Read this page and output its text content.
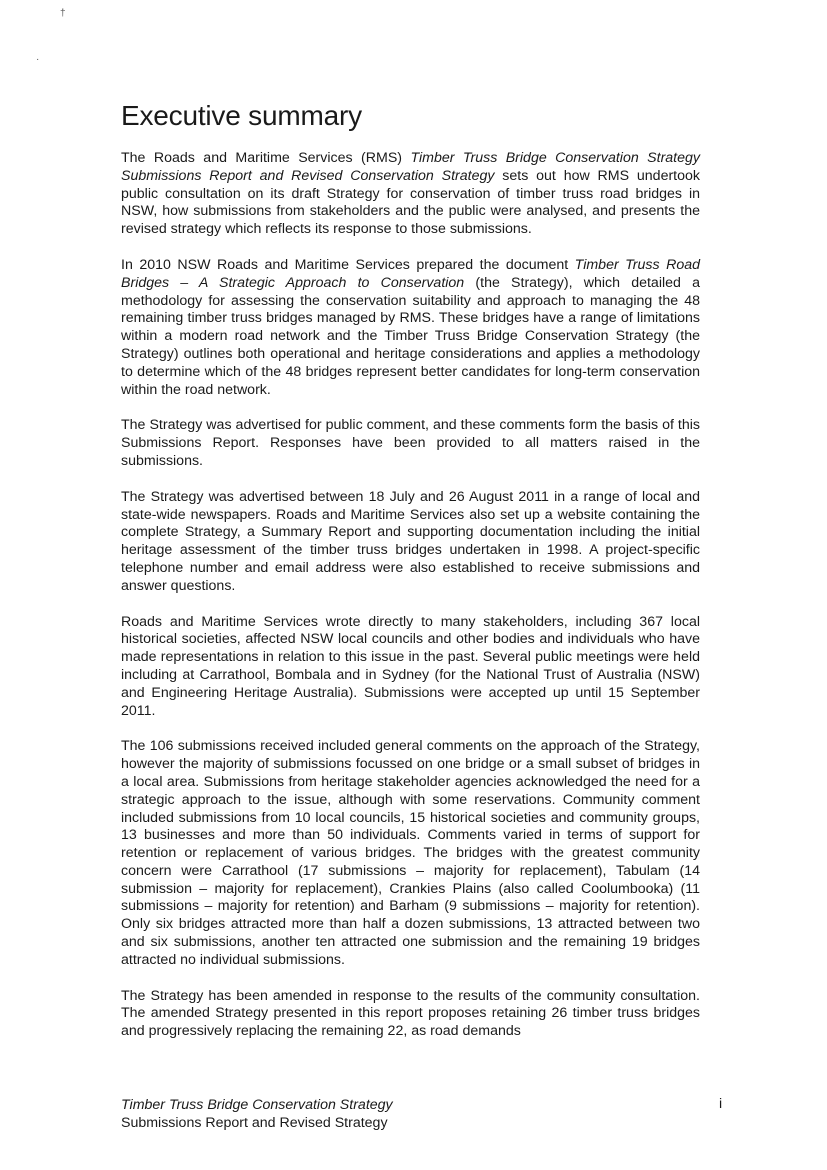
†
·
Executive summary

The Roads and Maritime Services (RMS) Timber Truss Bridge Conservation Strategy Submissions Report and Revised Conservation Strategy sets out how RMS undertook public consultation on its draft Strategy for conservation of timber truss road bridges in NSW, how submissions from stakeholders and the public were analysed, and presents the revised strategy which reflects its response to those submissions.

In 2010 NSW Roads and Maritime Services prepared the document Timber Truss Road Bridges – A Strategic Approach to Conservation (the Strategy), which detailed a methodology for assessing the conservation suitability and approach to managing the 48 remaining timber truss bridges managed by RMS. These bridges have a range of limitations within a modern road network and the Timber Truss Bridge Conservation Strategy (the Strategy) outlines both operational and heritage considerations and applies a methodology to determine which of the 48 bridges represent better candidates for long-term conservation within the road network.

The Strategy was advertised for public comment, and these comments form the basis of this Submissions Report. Responses have been provided to all matters raised in the submissions.

The Strategy was advertised between 18 July and 26 August 2011 in a range of local and state-wide newspapers. Roads and Maritime Services also set up a website containing the complete Strategy, a Summary Report and supporting documentation including the initial heritage assessment of the timber truss bridges undertaken in 1998. A project-specific telephone number and email address were also established to receive submissions and answer questions.

Roads and Maritime Services wrote directly to many stakeholders, including 367 local historical societies, affected NSW local councils and other bodies and individuals who have made representations in relation to this issue in the past. Several public meetings were held including at Carrathool, Bombala and in Sydney (for the National Trust of Australia (NSW) and Engineering Heritage Australia). Submissions were accepted up until 15 September 2011.

The 106 submissions received included general comments on the approach of the Strategy, however the majority of submissions focussed on one bridge or a small subset of bridges in a local area. Submissions from heritage stakeholder agencies acknowledged the need for a strategic approach to the issue, although with some reservations. Community comment included submissions from 10 local councils, 15 historical societies and community groups, 13 businesses and more than 50 individuals. Comments varied in terms of support for retention or replacement of various bridges. The bridges with the greatest community concern were Carrathool (17 submissions – majority for replacement), Tabulam (14 submission – majority for replacement), Crankies Plains (also called Coolumbooka) (11 submissions – majority for retention) and Barham (9 submissions – majority for retention). Only six bridges attracted more than half a dozen submissions, 13 attracted between two and six submissions, another ten attracted one submission and the remaining 19 bridges attracted no individual submissions.

The Strategy has been amended in response to the results of the community consultation. The amended Strategy presented in this report proposes retaining 26 timber truss bridges and progressively replacing the remaining 22, as road demands

Timber Truss Bridge Conservation Strategy
Submissions Report and Revised Strategy
i
